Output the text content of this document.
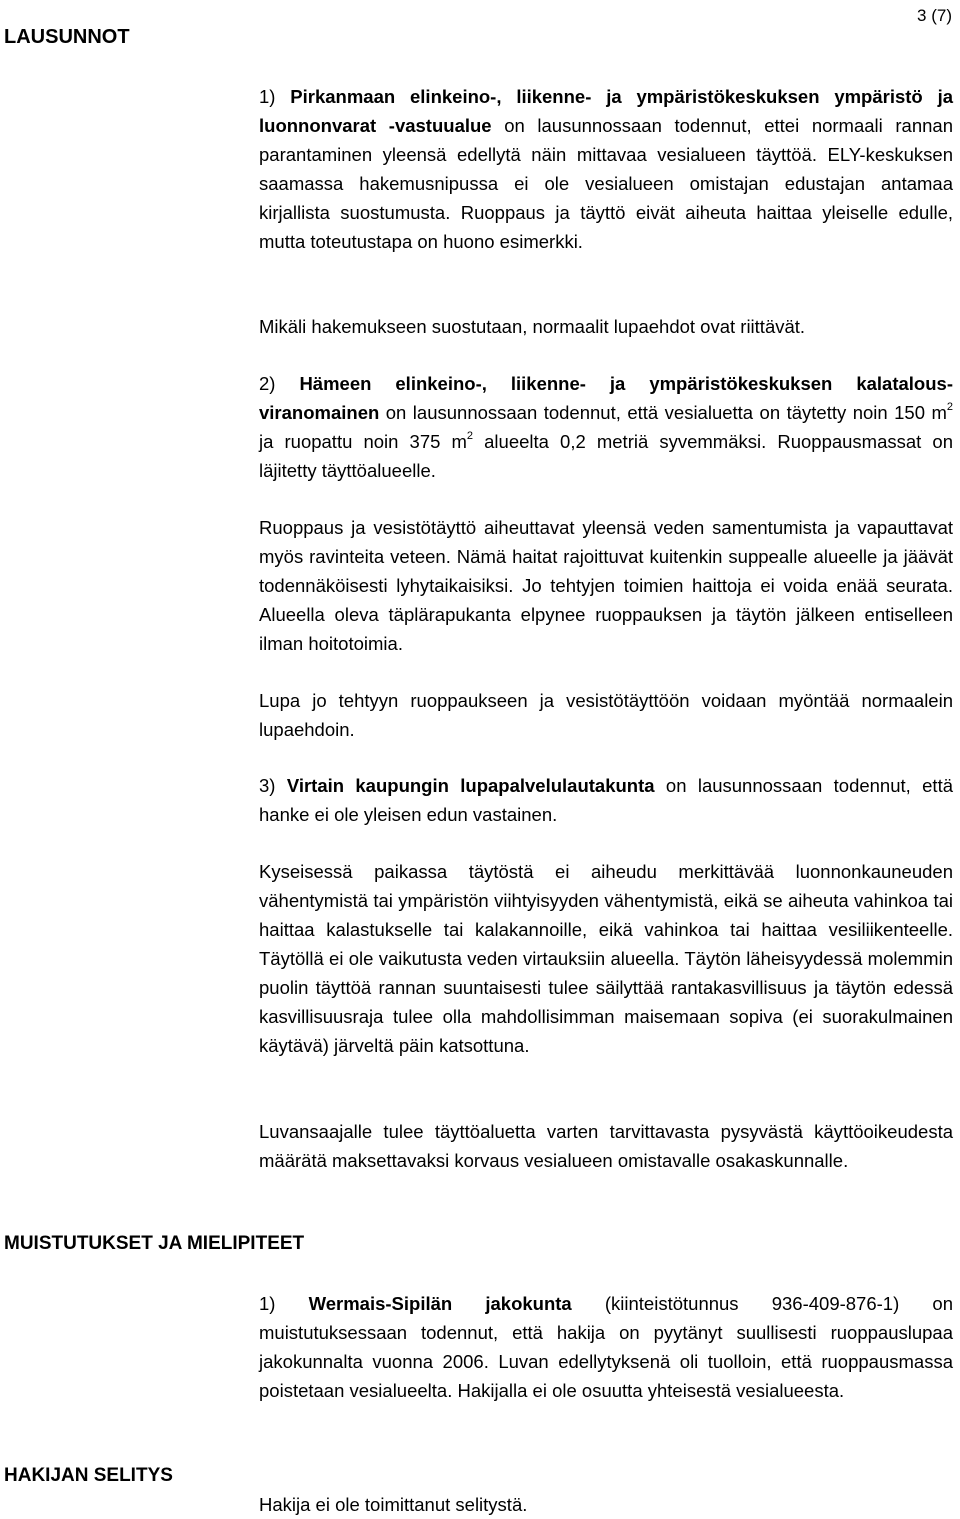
3 (7)
LAUSUNNOT
MUISTUTUKSET JA MIELIPITEET
HAKIJAN SELITYS

1) Pirkanmaan elinkeino-, liikenne- ja ympäristökeskuksen ympäristö ja luonnonvarat -vastuualue on lausunnossaan todennut, ettei normaali rannan parantaminen yleensä edellytä näin mittavaa vesialueen täyttöä. ELY-keskuksen saamassa hakemusnipussa ei ole vesialueen omistajan edustajan antamaa kirjallista suostumusta. Ruoppaus ja täyttö eivät aiheuta haittaa yleiselle edulle, mutta toteutustapa on huono esimerkki.

Mikäli hakemukseen suostutaan, normaalit lupaehdot ovat riittävät.

2) Hämeen elinkeino-, liikenne- ja ympäristökeskuksen kalatalousviranomainen on lausunnossaan todennut, että vesialuetta on täytetty noin 150 $m^2$ ja ruopattu noin 375 $m^2$ alueelta 0,2 metriä syvemmäksi. Ruoppausmassat on läjitetty täyttöalueelle.

Ruoppaus ja vesistötäyttö aiheuttavat yleensä veden samentumista ja vapauttavat myös ravinteita veteen. Nämä haitat rajoittuvat kuitenkin suppealle alueelle ja jäävät todennäköisesti lyhytaikaisiksi. Jo tehtyjen toimien haittoja ei voida enää seurata. Alueella oleva täplärapukanta elpynee ruoppauksen ja täytön jälkeen entiselleen ilman hoitotoimia.

Lupa jo tehtyyn ruoppaukseen ja vesistötäyttöön voidaan myöntää normaalein lupaehdoin.

3) Virtain kaupungin lupapalvelulautakunta on lausunnossaan todennut, että hanke ei ole yleisen edun vastainen.

Kyseisessä paikassa täytöstä ei aiheudu merkittävää luonnonkauneuden vähentymistä tai ympäristön viihtyisyyden vähentymistä, eikä se aiheuta vahinkoa tai haittaa kalastukselle tai kalakannoille, eikä vahinkoa tai haittaa vesiliikenteelle. Täytöllä ei ole vaikutusta veden virtauksiin alueella. Täytön läheisyydessä molemmin puolin täyttöä rannan suuntaisesti tulee säilyttää rantakasvillisuus ja täytön edessä kasvillisuusraja tulee olla mahdollisimman maisemaan sopiva (ei suorakulmainen käytävä) järveltä päin katsottuna.

Luvansaajalle tulee täyttöaluetta varten tarvittavasta pysyvästä käyttöoikeudesta määrätä maksettavaksi korvaus vesialueen omistavalle osakaskunnalle.

1) Wermais-Sipilän jakokunta (kiinteistötunnus 936-409-876-1) on muistutuksessaan todennut, että hakija on pyytänyt suullisesti ruoppauslupaa jakokunnalta vuonna 2006. Luvan edellytyksenä oli tuolloin, että ruoppausmassa poistetaan vesialueelta. Hakijalla ei ole osuutta yhteisestä vesialueesta.

Hakija ei ole toimittanut selitystä.
